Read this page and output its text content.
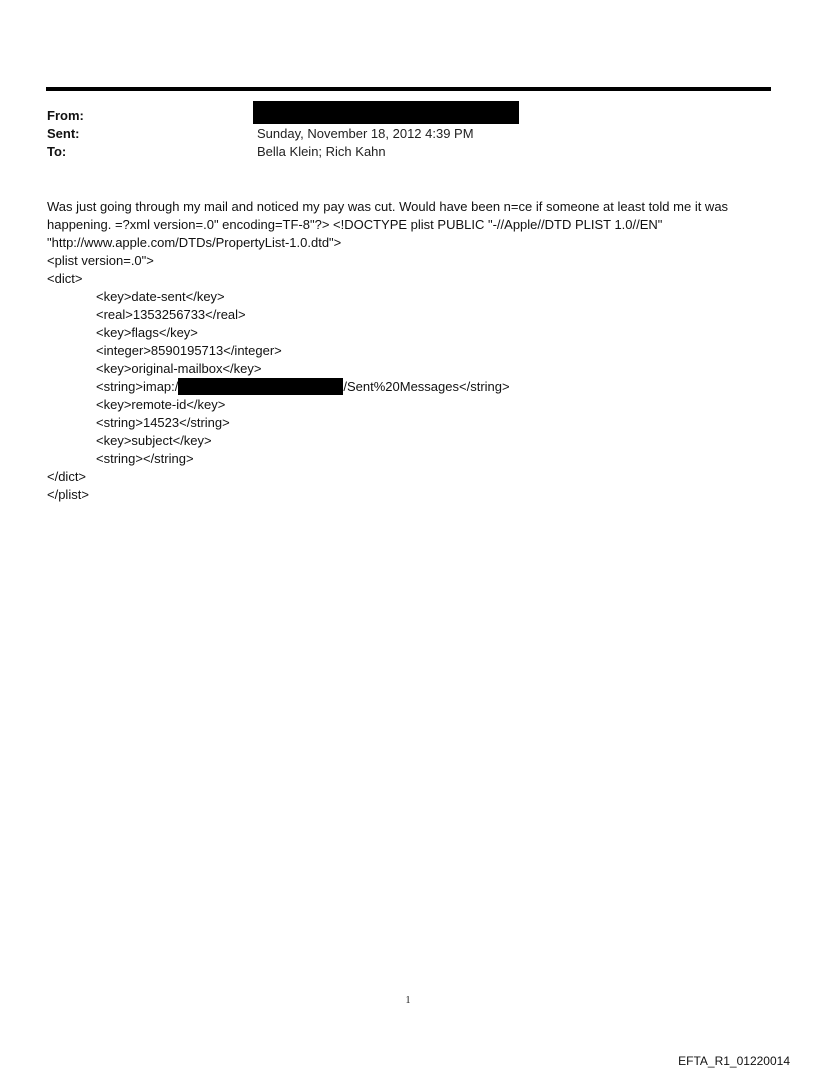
From:
Sent:	Sunday, November 18, 2012 4:39 PM
To:	Bella Klein; Rich Kahn

Was just going through my mail and noticed my pay was cut. Would have been n=ce if someone at least told me it was happening. =?xml version=.0" encoding=TF-8"?> <!DOCTYPE plist PUBLIC "-//Apple//DTD PLIST 1.0//EN" "http://www.apple.com/DTDs/PropertyList-1.0.dtd">

<plist version=.0">
<dict>
<key>date-sent</key>
<real>1353256733</real>
<key>flags</key>
<integer>8590195713</integer>
<key>original-mailbox</key>
<string>imap:/	/Sent%20Messages</string>
<key>remote-id</key>
<string>14523</string>
<key>subject</key>
<string></string>
</dict>
</plist>
1
EFTA_R1_01220014
